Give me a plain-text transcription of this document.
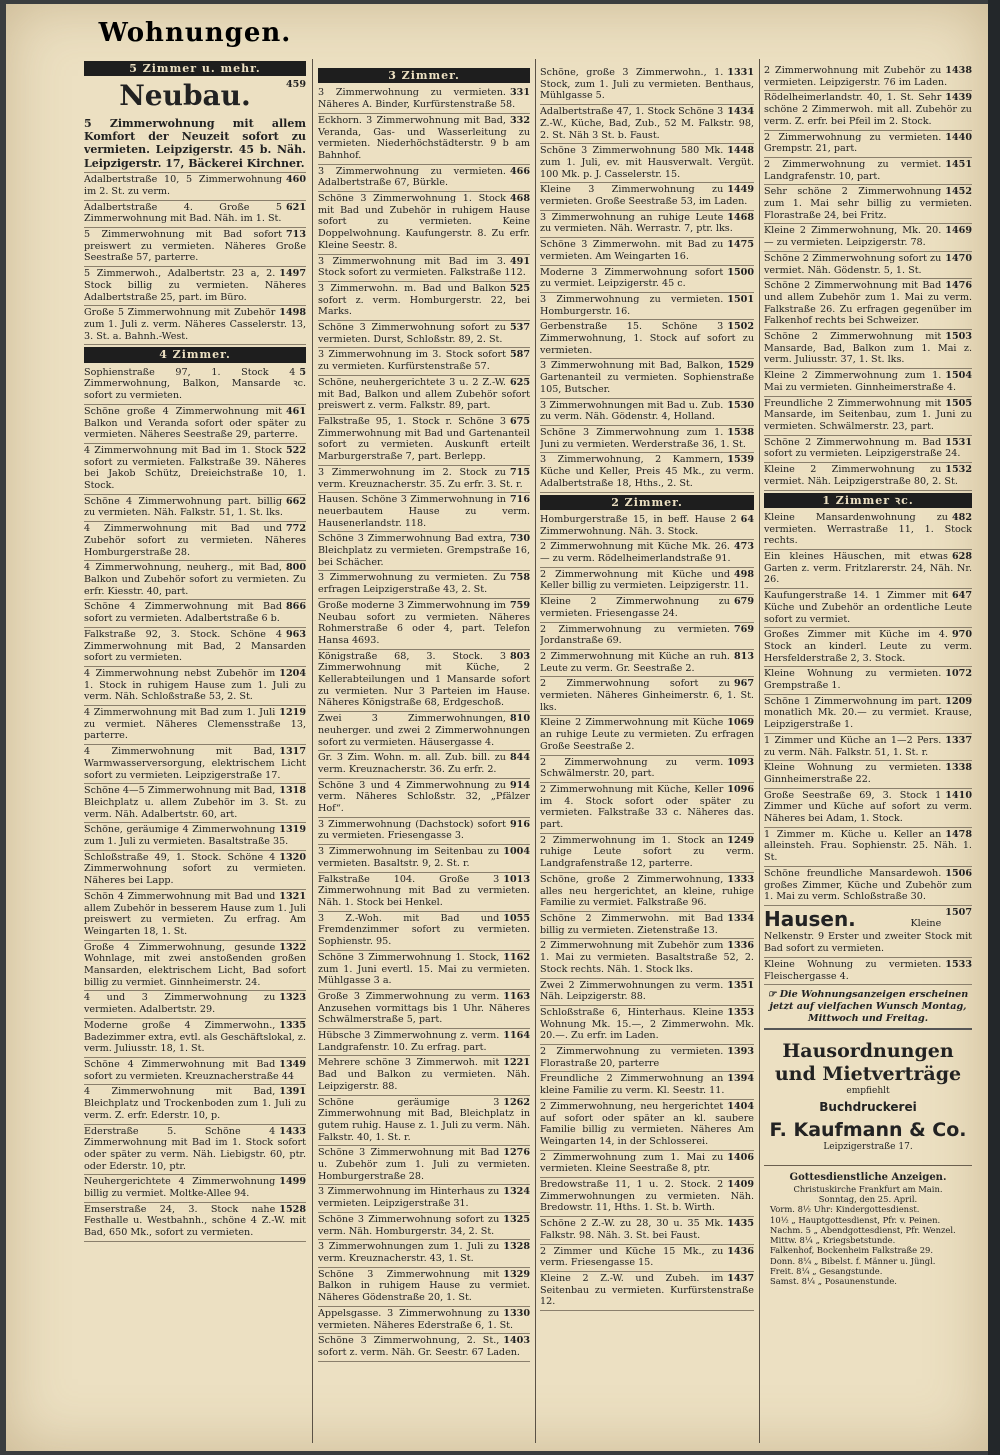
Wohnungen.
5 Zimmer u. mehr.
459
Neubau.
5 Zimmerwohnung mit allem Komfort der Neuzeit sofort zu vermieten. Leipzigerstr. 45 b. Näh. Leipzigerstr. 17, Bäckerei Kirchner.
460
Adalbertstraße 10, 5 Zimmerwohnung im 2. St. zu verm.
621
Adalbertstraße 4. Große 5 Zimmerwohnung mit Bad. Näh. im 1. St.
713
5 Zimmerwohnung mit Bad sofort preiswert zu vermieten. Näheres Große Seestraße 57, parterre.
1497
5 Zimmerwoh., Adalbertstr. 23 a, 2. Stock billig zu vermieten. Näheres Adalbertstraße 25, part. im Büro.
1498
Große 5 Zimmerwohnung mit Zubehör zum 1. Juli z. verm. Näheres Casselerstr. 13, 3. St. a. Bahnh.-West.
4 Zimmer.
5
Sophienstraße 97, 1. Stock 4 Zimmerwohnung, Balkon, Mansarde ꝛc. sofort zu vermieten.
461
Schöne große 4 Zimmerwohnung mit Balkon und Veranda sofort oder später zu vermieten. Näheres Seestraße 29, parterre.
522
4 Zimmerwohnung mit Bad im 1. Stock sofort zu vermieten. Falkstraße 39. Näheres bei Jakob Schütz, Dreieichstraße 10, 1. Stock.
662
Schöne 4 Zimmerwohnung part. billig zu vermieten. Näh. Falkstr. 51, 1. St. lks.
772
4 Zimmerwohnung mit Bad und Zubehör sofort zu vermieten. Näheres Homburgerstraße 28.
800
4 Zimmerwohnung, neuherg., mit Bad, Balkon und Zubehör sofort zu vermieten. Zu erfr. Kiesstr. 40, part.
866
Schöne 4 Zimmerwohnung mit Bad sofort zu vermieten. Adalbertstraße 6 b.
963
Falkstraße 92, 3. Stock. Schöne 4 Zimmerwohnung mit Bad, 2 Mansarden sofort zu vermieten.
1204
4 Zimmerwohnung nebst Zubehör im 1. Stock in ruhigem Hause zum 1. Juli zu verm. Näh. Schloßstraße 53, 2. St.
1219
4 Zimmerwohnung mit Bad zum 1. Juli zu vermiet. Näheres Clemensstraße 13, parterre.
1317
4 Zimmerwohnung mit Bad, Warmwasserversorgung, elektrischem Licht sofort zu vermieten. Leipzigerstraße 17.
1318
Schöne 4—5 Zimmerwohnung mit Bad, Bleichplatz u. allem Zubehör im 3. St. zu verm. Näh. Adalbertstr. 60, art.
1319
Schöne, geräumige 4 Zimmerwohnung zum 1. Juli zu vermieten. Basaltstraße 35.
1320
Schloßstraße 49, 1. Stock. Schöne 4 Zimmerwohnung sofort zu vermieten. Näheres bei Lapp.
1321
Schön 4 Zimmerwohnung mit Bad und allem Zubehör in besserem Hause zum 1. Juli preiswert zu vermieten. Zu erfrag. Am Weingarten 18, 1. St.
1322
Große 4 Zimmerwohnung, gesunde Wohnlage, mit zwei anstoßenden großen Mansarden, elektrischem Licht, Bad sofort billig zu vermiet. Ginnheimerstr. 24.
1323
4 und 3 Zimmerwohnung zu vermieten. Adalbertstr. 29.
1335
Moderne große 4 Zimmerwohn., Badezimmer extra, evtl. als Geschäftslokal, z. verm. Juliusstr. 18, 1. St.
1349
Schöne 4 Zimmerwohnung mit Bad sofort zu vermieten. Kreuznacherstraße 44
1391
4 Zimmerwohnung mit Bad, Bleichplatz und Trockenboden zum 1. Juli zu verm. Z. erfr. Ederstr. 10, p.
1433
Ederstraße 5. Schöne 4 Zimmerwohnung mit Bad im 1. Stock sofort oder später zu verm. Näh. Liebigstr. 60, ptr. oder Ederstr. 10, ptr.
1499
Neuhergerichtete 4 Zimmerwohnung billig zu vermiet. Moltke-Allee 94.
1528
Emserstraße 24, 3. Stock nahe Festhalle u. Westbahnh., schöne 4 Z.-W. mit Bad, 650 Mk., sofort zu vermieten.
3 Zimmer.
331
3 Zimmerwohnung zu vermieten. Näheres A. Binder, Kurfürstenstraße 58.
332
Eckhorn. 3 Zimmerwohnung mit Bad, Veranda, Gas- und Wasserleitung zu vermieten. Niederhöchstädterstr. 9 b am Bahnhof.
466
3 Zimmerwohnung zu vermieten. Adalbertstraße 67, Bürkle.
468
Schöne 3 Zimmerwohnung 1. Stock mit Bad und Zubehör in ruhigem Hause sofort zu vermieten. Keine Doppelwohnung. Kaufungerstr. 8. Zu erfr. Kleine Seestr. 8.
491
3 Zimmerwohnung mit Bad im 3. Stock sofort zu vermieten. Falkstraße 112.
525
3 Zimmerwohn. m. Bad und Balkon sofort z. verm. Homburgerstr. 22, bei Marks.
537
Schöne 3 Zimmerwohnung sofort zu vermieten. Durst, Schloßstr. 89, 2. St.
587
3 Zimmerwohnung im 3. Stock sofort zu vermieten. Kurfürstenstraße 57.
625
Schöne, neuhergerichtete 3 u. 2 Z.-W. mit Bad, Balkon und allem Zubehör sofort preiswert z. verm. Falkstr. 89, part.
675
Falkstraße 95, 1. Stock r. Schöne 3 Zimmerwohnung mit Bad und Gartenanteil sofort zu vermieten. Auskunft erteilt Marburgerstraße 7, part. Berlepp.
715
3 Zimmerwohnung im 2. Stock zu verm. Kreuznacherstr. 35. Zu erfr. 3. St. r.
716
Hausen. Schöne 3 Zimmerwohnung in neuerbautem Hause zu verm. Hausenerlandstr. 118.
730
Schöne 3 Zimmerwohnung Bad extra, Bleichplatz zu vermieten. Grempstraße 16, bei Schächer.
758
3 Zimmerwohnung zu vermieten. Zu erfragen Leipzigerstraße 43, 2. St.
759
Große moderne 3 Zimmerwohnung im Neubau sofort zu vermieten. Näheres Rohmerstraße 6 oder 4, part. Telefon Hansa 4693.
803
Königstraße 68, 3. Stock. 3 Zimmerwohnung mit Küche, 2 Kellerabteilungen und 1 Mansarde sofort zu vermieten. Nur 3 Parteien im Hause. Näheres Königstraße 68, Erdgeschoß.
810
Zwei 3 Zimmerwohnungen, neuherger. und zwei 2 Zimmerwohnungen sofort zu vermieten. Häusergasse 4.
844
Gr. 3 Zim. Wohn. m. all. Zub. bill. zu verm. Kreuznacherstr. 36. Zu erfr. 2.
914
Schöne 3 und 4 Zimmerwohnung zu verm. Näheres Schloßstr. 32, „Pfälzer Hof“.
916
3 Zimmerwohnung (Dachstock) sofort zu vermieten. Friesengasse 3.
1004
3 Zimmerwohnung im Seitenbau zu vermieten. Basaltstr. 9, 2. St. r.
1013
Falkstraße 104. Große 3 Zimmerwohnung mit Bad zu vermieten. Näh. 1. Stock bei Henkel.
1055
3 Z.-Woh. mit Bad und Fremdenzimmer sofort zu vermieten. Sophienstr. 95.
1162
Schöne 3 Zimmerwohnung 1. Stock, zum 1. Juni evertl. 15. Mai zu vermieten. Mühlgasse 3 a.
1163
Große 3 Zimmerwohnung zu verm. Anzusehen vormittags bis 1 Uhr. Näheres Schwälmerstraße 5, part.
1164
Hübsche 3 Zimmerwohnung z. verm. Landgrafenstr. 10. Zu erfrag. part.
1221
Mehrere schöne 3 Zimmerwoh. mit Bad und Balkon zu vermieten. Näh. Leipzigerstr. 88.
1262
Schöne geräumige 3 Zimmerwohnung mit Bad, Bleichplatz in gutem ruhig. Hause z. 1. Juli zu verm. Näh. Falkstr. 40, 1. St. r.
1276
Schöne 3 Zimmerwohnung mit Bad u. Zubehör zum 1. Juli zu vermieten. Homburgerstraße 28.
1324
3 Zimmerwohnung im Hinterhaus zu vermieten. Leipzigerstraße 31.
1325
Schöne 3 Zimmerwohnung sofort zu verm. Näh. Homburgerstr. 34, 2. St.
1328
3 Zimmerwohnungen zum 1. Juli zu verm. Kreuznacherstr. 43, 1. St.
1329
Schöne 3 Zimmerwohnung mit Balkon in ruhigem Hause zu vermiet. Näheres Gödenstraße 20, 1. St.
1330
Appelsgasse. 3 Zimmerwohnung zu vermieten. Näheres Ederstraße 6, 1. St.
1403
Schöne 3 Zimmerwohnung, 2. St., sofort z. verm. Näh. Gr. Seestr. 67 Laden.
1331
Schöne, große 3 Zimmerwohn., 1. Stock, zum 1. Juli zu vermieten. Benthaus, Mühlgasse 5.
1434
Adalbertstraße 47, 1. Stock Schöne 3 Z.-W., Küche, Bad, Zub., 52 M. Falkstr. 98, 2. St. Näh 3 St. b. Faust.
1448
Schöne 3 Zimmerwohnung 580 Mk. zum 1. Juli, ev. mit Hausverwalt. Vergüt. 100 Mk. p. J. Casselerstr. 15.
1449
Kleine 3 Zimmerwohnung zu vermieten. Große Seestraße 53, im Laden.
1468
3 Zimmerwohnung an ruhige Leute zu vermieten. Näh. Werrastr. 7, ptr. lks.
1475
Schöne 3 Zimmerwohn. mit Bad zu vermieten. Am Weingarten 16.
1500
Moderne 3 Zimmerwohnung sofort zu vermiet. Leipzigerstr. 45 c.
1501
3 Zimmerwohnung zu vermieten. Homburgerstr. 16.
1502
Gerbenstraße 15. Schöne 3 Zimmerwohnung, 1. Stock auf sofort zu vermieten.
1529
3 Zimmerwohnung mit Bad, Balkon, Gartenanteil zu vermieten. Sophienstraße 105, Butscher.
1530
3 Zimmerwohnungen mit Bad u. Zub. zu verm. Näh. Gödenstr. 4, Holland.
1538
Schöne 3 Zimmerwohnung zum 1. Juni zu vermieten. Werderstraße 36, 1. St.
1539
3 Zimmerwohnung, 2 Kammern, Küche und Keller, Preis 45 Mk., zu verm. Adalbertstraße 18, Hths., 2. St.
2 Zimmer.
64
Homburgerstraße 15, in beff. Hause 2 Zimmerwohnung. Näh. 3. Stock.
473
2 Zimmerwohnung mit Küche Mk. 26.— zu verm. Rödelheimerlandstraße 91.
498
2 Zimmerwohnung mit Küche und Keller billig zu vermieten. Leipzigerstr. 11.
679
Kleine 2 Zimmerwohnung zu vermieten. Friesengasse 24.
769
2 Zimmerwohnung zu vermieten. Jordanstraße 69.
813
2 Zimmerwohnung mit Küche an ruh. Leute zu verm. Gr. Seestraße 2.
967
2 Zimmerwohnung sofort zu vermieten. Näheres Ginheimerstr. 6, 1. St. lks.
1069
Kleine 2 Zimmerwohnung mit Küche an ruhige Leute zu vermieten. Zu erfragen Große Seestraße 2.
1093
2 Zimmerwohnung zu verm. Schwälmerstr. 20, part.
1096
2 Zimmerwohnung mit Küche, Keller im 4. Stock sofort oder später zu vermieten. Falkstraße 33 c. Näheres das. part.
1249
2 Zimmerwohnung im 1. Stock an ruhige Leute sofort zu verm. Landgrafenstraße 12, parterre.
1333
Schöne, große 2 Zimmerwohnung, alles neu hergerichtet, an kleine, ruhige Familie zu vermiet. Falkstraße 96.
1334
Schöne 2 Zimmerwohn. mit Bad billig zu vermieten. Zietenstraße 13.
1336
2 Zimmerwohnung mit Zubehör zum 1. Mai zu vermieten. Basaltstraße 52, 2. Stock rechts. Näh. 1. Stock lks.
1351
Zwei 2 Zimmerwohnungen zu verm. Näh. Leipzigerstr. 88.
1353
Schloßstraße 6, Hinterhaus. Kleine Wohnung Mk. 15.—, 2 Zimmerwohn. Mk. 20.—. Zu erfr. im Laden.
1393
2 Zimmerwohnung zu vermieten. Florastraße 20, parterre
1394
Freundliche 2 Zimmerwohnung an kleine Familie zu verm. Kl. Seestr. 11.
1404
2 Zimmerwohnung, neu hergerichtet auf sofort oder später an kl. saubere Familie billig zu vermieten. Näheres Am Weingarten 14, in der Schlosserei.
1406
2 Zimmerwohnung zum 1. Mai zu vermieten. Kleine Seestraße 8, ptr.
1409
Bredowstraße 11, 1 u. 2. Stock. 2 Zimmerwohnungen zu vermieten. Näh. Bredowstr. 11, Hths. 1. St. b. Wirth.
1435
Schöne 2 Z.-W. zu 28, 30 u. 35 Mk. Falkstr. 98. Näh. 3. St. bei Faust.
1436
2 Zimmer und Küche 15 Mk., zu verm. Friesengasse 15.
1437
Kleine 2 Z.-W. und Zubeh. im Seitenbau zu vermieten. Kurfürstenstraße 12.
1438
2 Zimmerwohnung mit Zubehör zu vermieten. Leipzigerstr. 76 im Laden.
1439
Rödelheimerlandstr. 40, 1. St. Sehr schöne 2 Zimmerwoh. mit all. Zubehör zu verm. Z. erfr. bei Pfeil im 2. Stock.
1440
2 Zimmerwohnung zu vermieten. Grempstr. 21, part.
1451
2 Zimmerwohnung zu vermiet. Landgrafenstr. 10, part.
1452
Sehr schöne 2 Zimmerwohnung zum 1. Mai sehr billig zu vermieten. Florastraße 24, bei Fritz.
1469
Kleine 2 Zimmerwohnung, Mk. 20.— zu vermieten. Leipzigerstr. 78.
1470
Schöne 2 Zimmerwohnung sofort zu vermiet. Näh. Gödenstr. 5, 1. St.
1476
Schöne 2 Zimmerwohnung mit Bad und allem Zubehör zum 1. Mai zu verm. Falkstraße 26. Zu erfragen gegenüber im Falkenhof rechts bei Schweizer.
1503
Schöne 2 Zimmerwohnung mit Mansarde, Bad, Balkon zum 1. Mai z. verm. Juliusstr. 37, 1. St. lks.
1504
Kleine 2 Zimmerwohnung zum 1. Mai zu vermieten. Ginnheimerstraße 4.
1505
Freundliche 2 Zimmerwohnung mit Mansarde, im Seitenbau, zum 1. Juni zu vermieten. Schwälmerstr. 23, part.
1531
Schöne 2 Zimmerwohnung m. Bad sofort zu vermieten. Leipzigerstraße 24.
1532
Kleine 2 Zimmerwohnung zu vermiet. Näh. Leipzigerstraße 80, 2. St.
1 Zimmer ꝛc.
482
Kleine Mansardenwohnung zu vermieten. Werrastraße 11, 1. Stock rechts.
628
Ein kleines Häuschen, mit etwas Garten z. verm. Fritzlarerstr. 24, Näh. Nr. 26.
647
Kaufungerstraße 14. 1 Zimmer mit Küche und Zubehör an ordentliche Leute sofort zu vermiet.
970
Großes Zimmer mit Küche im 4. Stock an kinderl. Leute zu verm. Hersfelderstraße 2, 3. Stock.
1072
Kleine Wohnung zu vermieten. Grempstraße 1.
1209
Schöne 1 Zimmerwohnung im part. monatlich Mk. 20.— zu vermiet. Krause, Leipzigerstraße 1.
1337
1 Zimmer und Küche an 1—2 Pers. zu verm. Näh. Falkstr. 51, 1. St. r.
1338
Kleine Wohnung zu vermieten. Ginnheimerstraße 22.
1410
Große Seestraße 69, 3. Stock 1 Zimmer und Küche auf sofort zu verm. Näheres bei Adam, 1. Stock.
1478
1 Zimmer m. Küche u. Keller an alleinsteh. Frau. Sophienstr. 25. Näh. 1. St.
1506
Schöne freundliche Mansardewoh. großes Zimmer, Küche und Zubehör zum 1. Mai zu verm. Schloßstraße 30.
1507
Hausen.	Kleine Nelkenstr. 9 Erster und zweiter Stock mit Bad sofort zu vermieten.
1533
Kleine Wohnung zu vermieten. Fleischergasse 4.
☞ Die Wohnungsanzeigen erscheinen jetzt auf vielfachen Wunsch Montag, Mittwoch und Freitag.
Hausordnungen und Mietverträge
empfiehlt
Buchdruckerei
F. Kaufmann & Co.
Leipzigerstraße 17.
Gottesdienstliche Anzeigen.
Christuskirche Frankfurt am Main.
Sonntag, den 25. April.
Vorm. 8½ Uhr: Kindergottesdienst.
10½ „ Hauptgottesdienst, Pfr. v. Peinen.
Nachm. 5 „ Abendgottesdienst, Pfr. Wenzel.
Mittw. 8¼ „ Kriegsbetstunde.
Falkenhof, Bockenheim Falkstraße 29.
Donn. 8¼ „ Bibelst. f. Männer u. Jüngl.
Freit. 8¼ „ Gesangstunde.
Samst. 8¼ „ Posaunenstunde.
